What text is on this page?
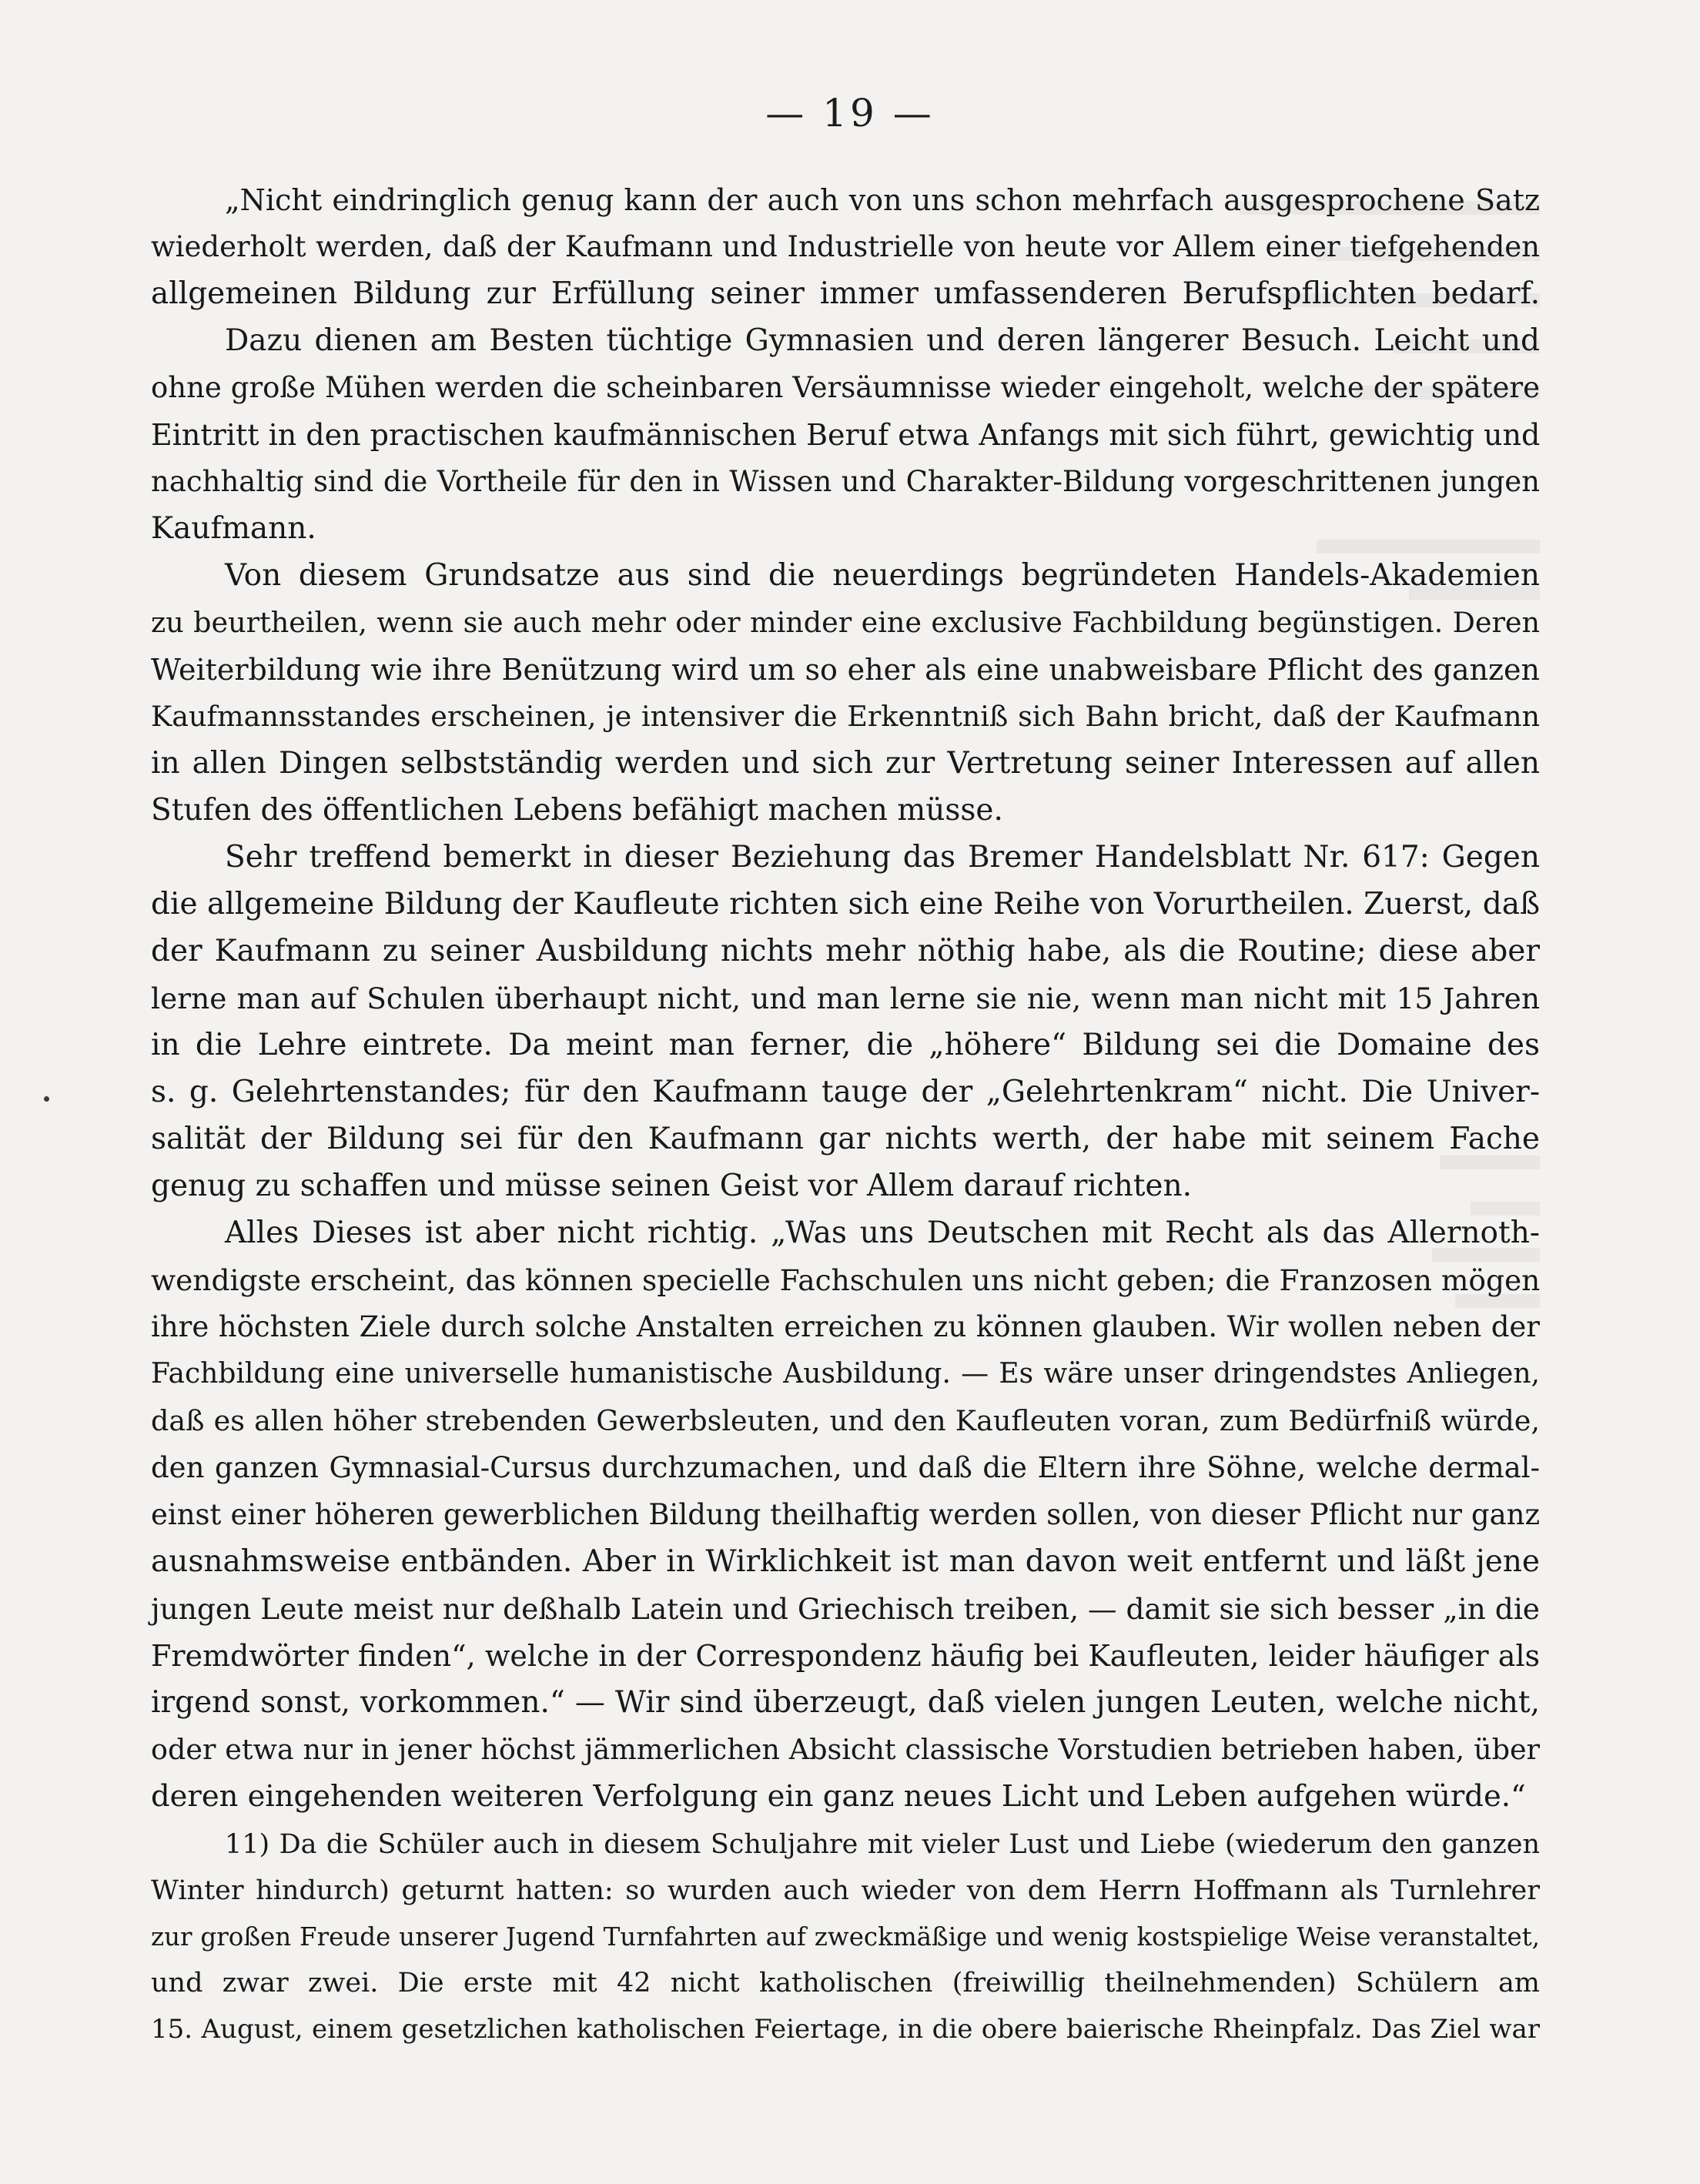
— 19 —
„Nicht eindringlich genug kann der auch von uns schon mehrfach ausgesprochene Satz
wiederholt werden, daß der Kaufmann und Industrielle von heute vor Allem einer tiefgehenden
allgemeinen Bildung zur Erfüllung seiner immer umfassenderen Berufspflichten bedarf.
Dazu dienen am Besten tüchtige Gymnasien und deren längerer Besuch. Leicht und
ohne große Mühen werden die scheinbaren Versäumnisse wieder eingeholt, welche der spätere
Eintritt in den practischen kaufmännischen Beruf etwa Anfangs mit sich führt, gewichtig und
nachhaltig sind die Vortheile für den in Wissen und Charakter-Bildung vorgeschrittenen jungen
Kaufmann.
Von diesem Grundsatze aus sind die neuerdings begründeten Handels-Akademien
zu beurtheilen, wenn sie auch mehr oder minder eine exclusive Fachbildung begünstigen. Deren
Weiterbildung wie ihre Benützung wird um so eher als eine unabweisbare Pflicht des ganzen
Kaufmannsstandes erscheinen, je intensiver die Erkenntniß sich Bahn bricht, daß der Kaufmann
in allen Dingen selbstständig werden und sich zur Vertretung seiner Interessen auf allen
Stufen des öffentlichen Lebens befähigt machen müsse.
Sehr treffend bemerkt in dieser Beziehung das Bremer Handelsblatt Nr. 617: Gegen
die allgemeine Bildung der Kaufleute richten sich eine Reihe von Vorurtheilen. Zuerst, daß
der Kaufmann zu seiner Ausbildung nichts mehr nöthig habe, als die Routine; diese aber
lerne man auf Schulen überhaupt nicht, und man lerne sie nie, wenn man nicht mit 15 Jahren
in die Lehre eintrete. Da meint man ferner, die „höhere“ Bildung sei die Domaine des
s. g. Gelehrtenstandes; für den Kaufmann tauge der „Gelehrtenkram“ nicht. Die Univer-
salität der Bildung sei für den Kaufmann gar nichts werth, der habe mit seinem Fache
genug zu schaffen und müsse seinen Geist vor Allem darauf richten.
Alles Dieses ist aber nicht richtig. „Was uns Deutschen mit Recht als das Allernoth-
wendigste erscheint, das können specielle Fachschulen uns nicht geben; die Franzosen mögen
ihre höchsten Ziele durch solche Anstalten erreichen zu können glauben. Wir wollen neben der
Fachbildung eine universelle humanistische Ausbildung. — Es wäre unser dringendstes Anliegen,
daß es allen höher strebenden Gewerbsleuten, und den Kaufleuten voran, zum Bedürfniß würde,
den ganzen Gymnasial-Cursus durchzumachen, und daß die Eltern ihre Söhne, welche dermal-
einst einer höheren gewerblichen Bildung theilhaftig werden sollen, von dieser Pflicht nur ganz
ausnahmsweise entbänden. Aber in Wirklichkeit ist man davon weit entfernt und läßt jene
jungen Leute meist nur deßhalb Latein und Griechisch treiben, — damit sie sich besser „in die
Fremdwörter finden“, welche in der Correspondenz häufig bei Kaufleuten, leider häufiger als
irgend sonst, vorkommen.“ — Wir sind überzeugt, daß vielen jungen Leuten, welche nicht,
oder etwa nur in jener höchst jämmerlichen Absicht classische Vorstudien betrieben haben, über
deren eingehenden weiteren Verfolgung ein ganz neues Licht und Leben aufgehen würde.“
11) Da die Schüler auch in diesem Schuljahre mit vieler Lust und Liebe (wiederum den ganzen
Winter hindurch) geturnt hatten: so wurden auch wieder von dem Herrn Hoffmann als Turnlehrer
zur großen Freude unserer Jugend Turnfahrten auf zweckmäßige und wenig kostspielige Weise veranstaltet,
und zwar zwei. Die erste mit 42 nicht katholischen (freiwillig theilnehmenden) Schülern am
15. August, einem gesetzlichen katholischen Feiertage, in die obere baierische Rheinpfalz. Das Ziel war
